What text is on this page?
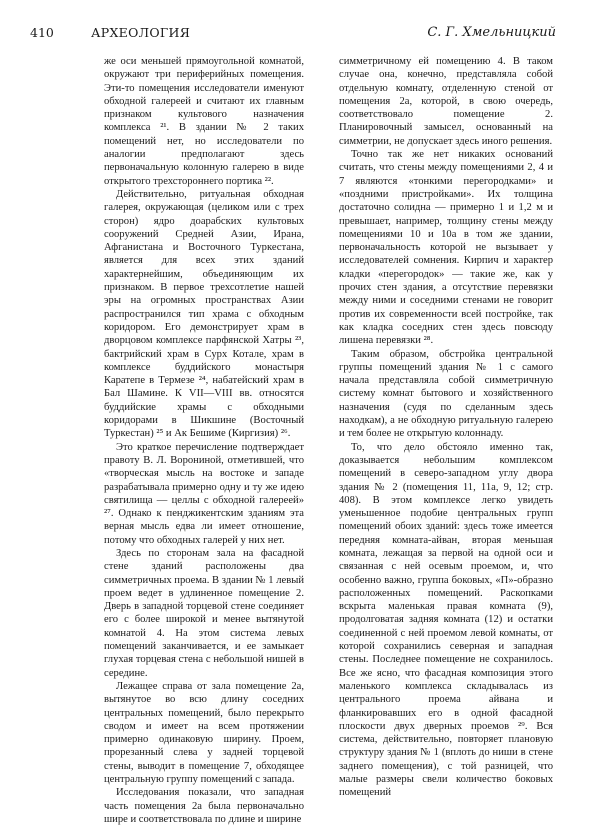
410	АРХЕОЛОГИЯ	С. Г. Хмельницкий

же оси меньшей прямоугольной комнатой, окружают три периферийных помещения. Эти-то помещения исследователи именуют обходной галереей и считают их главным признаком культового назначения комплекса ²¹. В здании № 2 таких помещений нет, но исследователи по аналогии предполагают здесь первоначальную колонную галерею в виде открытого трехстороннего портика ²².

Действительно, ритуальная обходная галерея, окружающая (целиком или с трех сторон) ядро доарабских культовых сооружений Средней Азии, Ирана, Афганистана и Восточного Туркестана, является для всех этих зданий характернейшим, объединяющим их признаком. В первое трехсотлетие нашей эры на огромных пространствах Азии распространился тип храма с обходным коридором. Его демонстрирует храм в дворцовом комплексе парфянской Хатры ²³, бактрийский храм в Сурх Котале, храм в комплексе буддийского монастыря Каратепе в Термезе ²⁴, набатейский храм в Бал Шамине. К VII—VIII вв. относятся буддийские храмы с обходными коридорами в Шикшине (Восточный Туркестан) ²⁵ и Ак Бешиме (Киргизия) ²⁶.

Это краткое перечисление подтверждает правоту В. Л. Ворониной, отметившей, что «творческая мысль на востоке и западе разрабатывала примерно одну и ту же идею святилища — целлы с обходной галереей» ²⁷. Однако к пенджикентским зданиям эта верная мысль едва ли имеет отношение, потому что обходных галерей у них нет.

Здесь по сторонам зала на фасадной стене зданий расположены два симметричных проема. В здании № 1 левый проем ведет в удлиненное помещение 2. Дверь в западной торцевой стене соединяет его с более широкой и менее вытянутой комнатой 4. На этом система левых помещений заканчивается, и ее замыкает глухая торцевая стена с небольшой нишей в середине.

Лежащее справа от зала помещение 2а, вытянутое во всю длину соседних центральных помещений, было перекрыто сводом и имеет на всем протяжении примерно одинаковую ширину. Проем, прорезанный слева у задней торцевой стены, выводит в помещение 7, обходящее центральную группу помещений с запада.

Исследования показали, что западная часть помещения 2а была первоначально шире и соответствовала по длине и ширине

симметричному ей помещению 4. В таком случае она, конечно, представляла собой отдельную комнату, отделенную стеной от помещения 2а, которой, в свою очередь, соответствовало помещение 2. Планировочный замысел, основанный на симметрии, не допускает здесь иного решения.

Точно так же нет никаких оснований считать, что стены между помещениями 2, 4 и 7 являются «тонкими перегородками» и «поздними пристройками». Их толщина достаточно солидна — примерно 1 и 1,2 м и превышает, например, толщину стены между помещениями 10 и 10а в том же здании, первоначальность которой не вызывает у исследователей сомнения. Кирпич и характер кладки «перегородок» — такие же, как у прочих стен здания, а отсутствие перевязки между ними и соседними стенами не говорит против их современности всей постройке, так как кладка соседних стен здесь повсюду лишена перевязки ²⁸.

Таким образом, обстройка центральной группы помещений здания № 1 с самого начала представляла собой симметричную систему комнат бытового и хозяйственного назначения (судя по сделанным здесь находкам), а не обходную ритуальную галерею и тем более не открытую колоннаду.

То, что дело обстояло именно так, доказывается небольшим комплексом помещений в северо-западном углу двора здания № 2 (помещения 11, 11а, 9, 12; стр. 408). В этом комплексе легко увидеть уменьшенное подобие центральных групп помещений обоих зданий: здесь тоже имеется передняя комната-айван, вторая меньшая комната, лежащая за первой на одной оси и связанная с ней осевым проемом, и, что особенно важно, группа боковых, «П»-образно расположенных помещений. Раскопками вскрыта маленькая правая комната (9), продолговатая задняя комната (12) и остатки соединенной с ней проемом левой комнаты, от которой сохранились северная и западная стены. Последнее помещение не сохранилось. Все же ясно, что фасадная композиция этого маленького комплекса складывалась из центрального проема айвана и фланкировавших его в одной фасадной плоскости двух дверных проемов ²⁹. Вся система, действительно, повторяет плановую структуру здания № 1 (вплоть до ниши в стене заднего помещения), с той разницей, что малые размеры свели количество боковых помещений
